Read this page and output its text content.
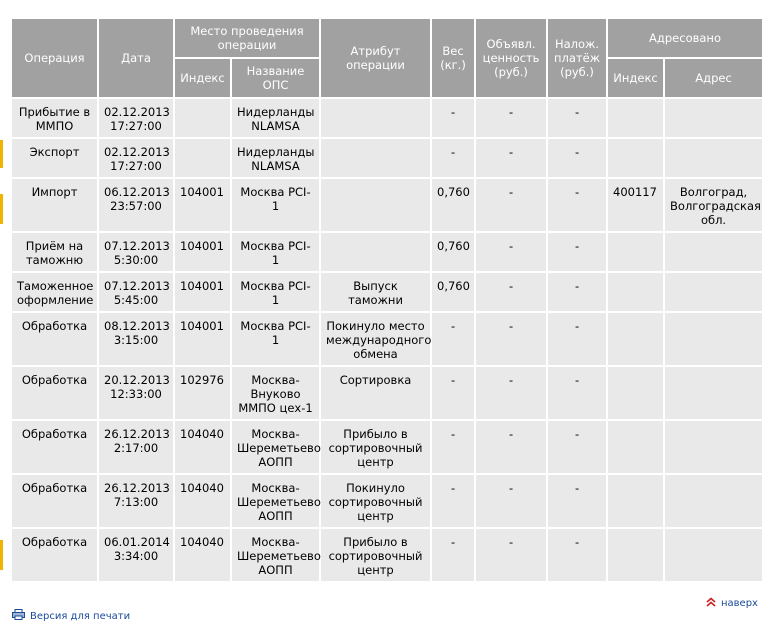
Операция	Дата	Место проведения операции		Атрибут операции	Вес (кг.)	Объявл. ценность (руб.)	Налож. платёж (руб.)	Адресовано	
		Индекс	Название ОПС					Индекс	Адрес
Прибытие в ММПО	02.12.2013 17:27:00		Нидерланды NLAMSA		-	-	-		
Экспорт	02.12.2013 17:27:00		Нидерланды NLAMSA		-	-	-		
Импорт	06.12.2013 23:57:00	104001	Москва PCI-1		0,760	-	-	400117	Волгоград, Волгоградская обл.
Приём на таможню	07.12.2013 5:30:00	104001	Москва PCI-1		0,760	-	-		
Таможенное оформление	07.12.2013 5:45:00	104001	Москва PCI-1	Выпуск таможни	0,760	-	-		
Обработка	08.12.2013 3:15:00	104001	Москва PCI-1	Покинуло место международного обмена	-	-	-		
Обработка	20.12.2013 12:33:00	102976	Москва-Внуково ММПО цех-1	Сортировка	-	-	-		
Обработка	26.12.2013 2:17:00	104040	Москва-Шереметьево АОПП	Прибыло в сортировочный центр	-	-	-		
Обработка	26.12.2013 7:13:00	104040	Москва-Шереметьево АОПП	Покинуло сортировочный центр	-	-	-		
Обработка	06.01.2014 3:34:00	104040	Москва-Шереметьево АОПП	Прибыло в сортировочный центр	-	-	-		
Версия для печати
наверх
